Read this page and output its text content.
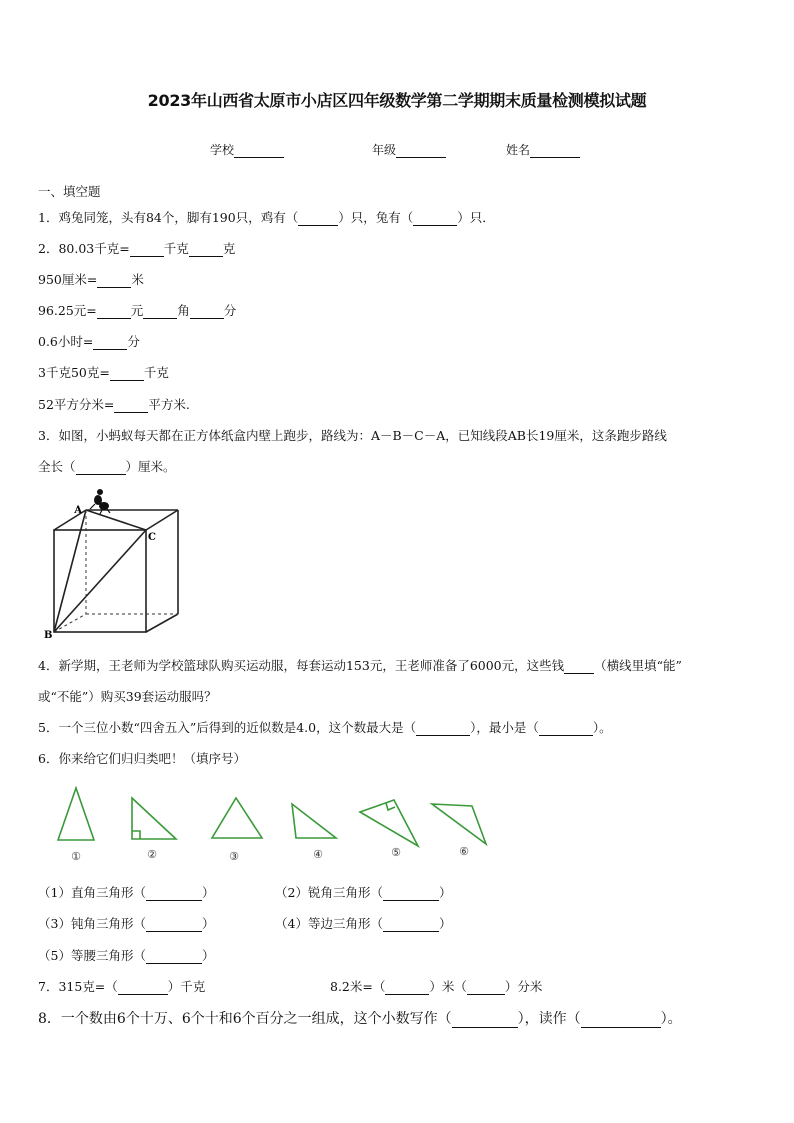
2023年山西省太原市小店区四年级数学第二学期期末质量检测模拟试题
学校	年级	姓名
一、填空题
1．鸡兔同笼，头有84个，脚有190只，鸡有（	）只，兔有（	）只．
2．80.03千克=	千克	克
950厘米=	米
96.25元=	元	角	分
0.6小时=	分
3千克50克=	千克
52平方分米=	平方米.
3．如图，小蚂蚁每天都在正方体纸盒内壁上跑步，路线为：A－B－C－A，已知线段AB长19厘米，这条跑步路线
全长（	）厘米。
A
B
C
4．新学期，王老师为学校篮球队购买运动服，每套运动153元，王老师准备了6000元，这些钱 （横线里填“能”
或“不能”）购买39套运动服吗？
5．一个三位小数“四舍五入”后得到的近似数是4.0，这个数最大是（	），最小是（	）。
6．你来给它们归归类吧！（填序号）
①	②	③	④	⑤	⑥
（1）直角三角形（	）	（2）锐角三角形（	）
（3）钝角三角形（	）	（4）等边三角形（	）
（5）等腰三角形（	）
7．315克=（	）千克	8.2米=（	）米（	）分米
8．一个数由6个十万、6个十和6个百分之一组成，这个小数写作（	），读作（	）。
